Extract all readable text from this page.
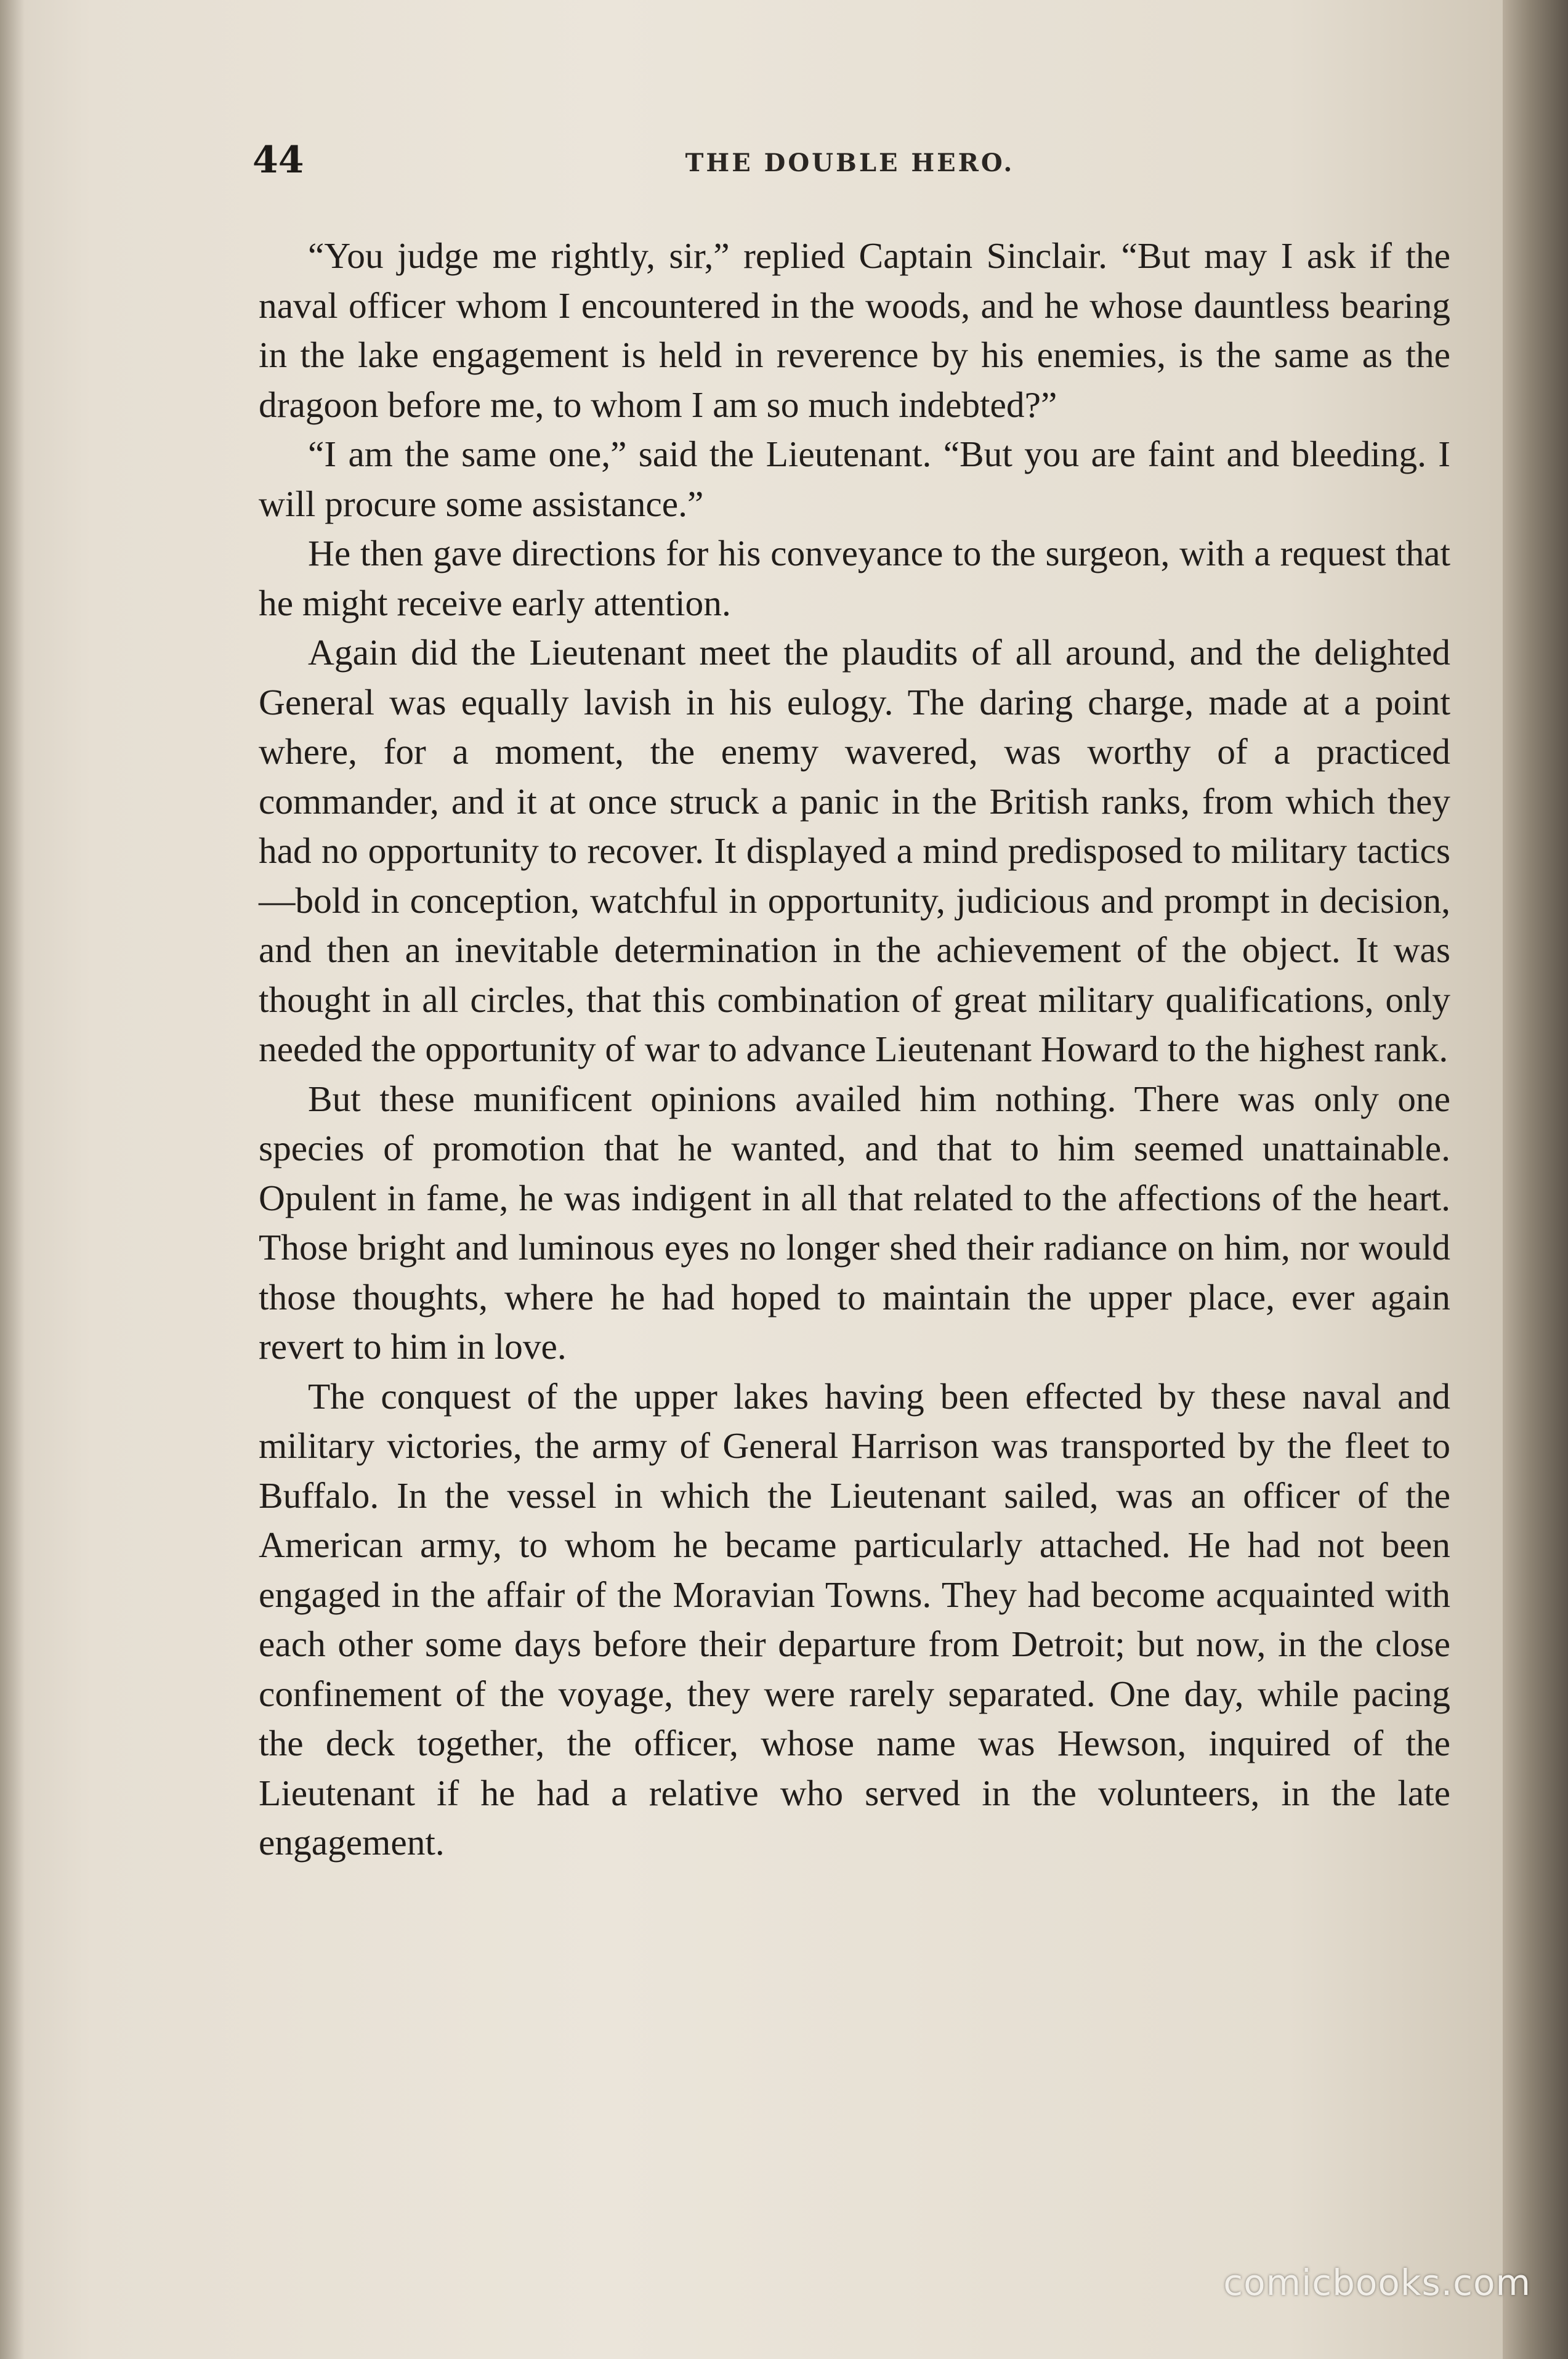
44	THE DOUBLE HERO.

“You judge me rightly, sir,” replied Captain Sinclair. “But may I ask if the naval officer whom I encountered in the woods, and he whose dauntless bearing in the lake engagement is held in reverence by his enemies, is the same as the dragoon before me, to whom I am so much indebted?”

“I am the same one,” said the Lieutenant. “But you are faint and bleeding. I will procure some assistance.”

He then gave directions for his conveyance to the surgeon, with a request that he might receive early attention.

Again did the Lieutenant meet the plaudits of all around, and the delighted General was equally lavish in his eulogy. The daring charge, made at a point where, for a moment, the enemy wavered, was worthy of a practiced commander, and it at once struck a panic in the British ranks, from which they had no opportunity to recover. It displayed a mind predisposed to military tactics—bold in conception, watchful in opportunity, judicious and prompt in decision, and then an inevitable determination in the achievement of the object. It was thought in all circles, that this combination of great military qualifications, only needed the opportunity of war to advance Lieutenant Howard to the highest rank.

But these munificent opinions availed him nothing. There was only one species of promotion that he wanted, and that to him seemed unattainable. Opulent in fame, he was indigent in all that related to the affections of the heart. Those bright and luminous eyes no longer shed their radiance on him, nor would those thoughts, where he had hoped to maintain the upper place, ever again revert to him in love.

The conquest of the upper lakes having been effected by these naval and military victories, the army of General Harrison was transported by the fleet to Buffalo. In the vessel in which the Lieutenant sailed, was an officer of the American army, to whom he became particularly attached. He had not been engaged in the affair of the Moravian Towns. They had become acquainted with each other some days before their departure from Detroit; but now, in the close confinement of the voyage, they were rarely separated. One day, while pacing the deck together, the officer, whose name was Hewson, inquired of the Lieutenant if he had a relative who served in the volunteers, in the late engagement.

comicbooks.com
